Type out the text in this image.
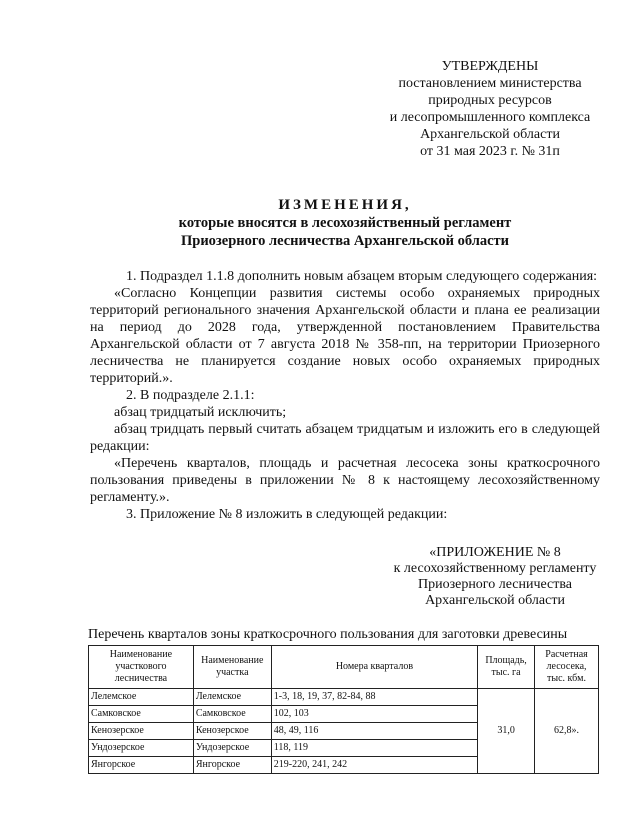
УТВЕРЖДЕНЫ
постановлением министерства
природных ресурсов
и лесопромышленного комплекса
Архангельской области
от 31 мая 2023 г. № 31п
ИЗМЕНЕНИЯ,
которые вносятся в лесохозяйственный регламент
Приозерного лесничества Архангельской области

1. Подраздел 1.1.8 дополнить новым абзацем вторым следующего содержания:

«Согласно Концепции развития системы особо охраняемых природных территорий регионального значения Архангельской области и плана ее реализации на период до 2028 года, утвержденной постановлением Правительства Архангельской области от 7 августа 2018 № 358-пп, на территории Приозерного лесничества не планируется создание новых особо охраняемых природных территорий.».

2. В подразделе 2.1.1:

абзац тридцатый исключить;

абзац тридцать первый считать абзацем тридцатым и изложить его в следующей редакции:

«Перечень кварталов, площадь и расчетная лесосека зоны краткосрочного пользования приведены в приложении № 8 к настоящему лесохозяйственному регламенту.».

3. Приложение № 8 изложить в следующей редакции:

«ПРИЛОЖЕНИЕ № 8
к лесохозяйственному регламенту
Приозерного лесничества
Архангельской области
Перечень кварталов зоны краткосрочного пользования для заготовки древесины
Наименование участкового лесничества	Наименование участка	Номера кварталов	Площадь, тыс. га	Расчетная лесосека, тыс. кбм.
Лелемское	Лелемское	1-3, 18, 19, 37, 82-84, 88	31,0	62,8».
Самковское	Самковское	102, 103		
Кенозерское	Кенозерское	48, 49, 116		
Ундозерское	Ундозерское	118, 119		
Янгорское	Янгорское	219-220, 241, 242		
